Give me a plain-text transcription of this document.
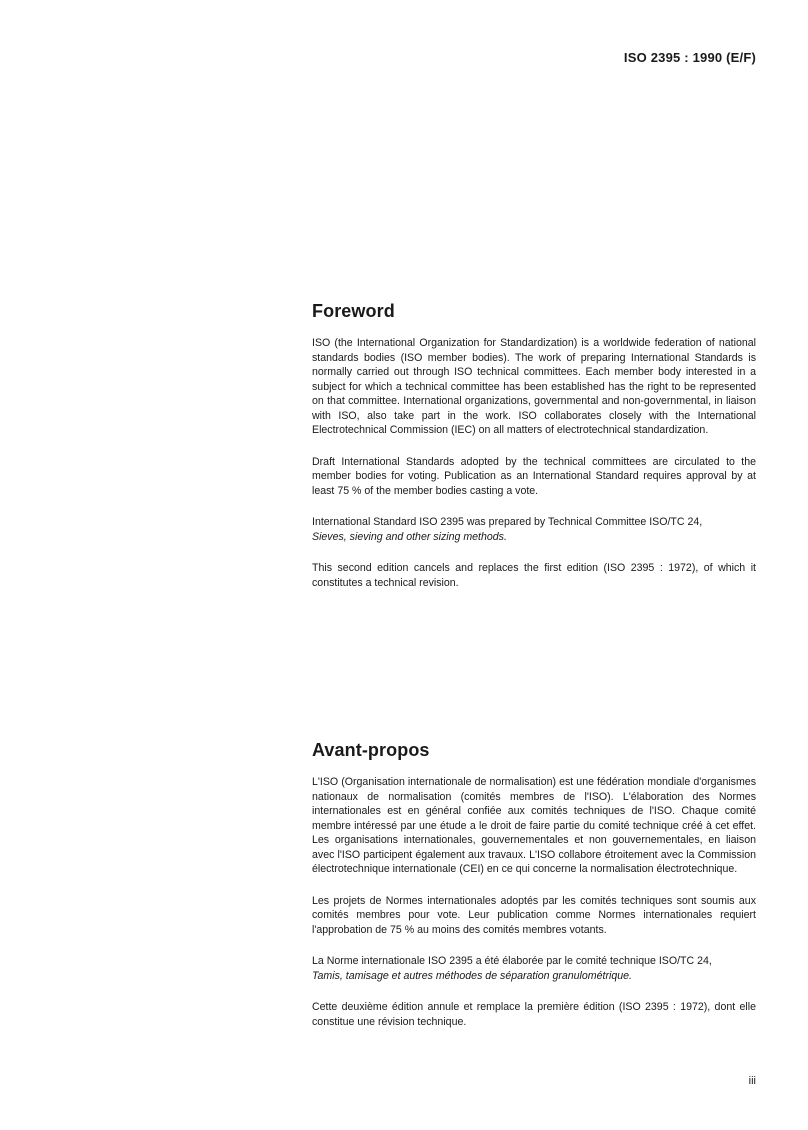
ISO 2395 : 1990 (E/F)
Foreword

ISO (the International Organization for Standardization) is a worldwide federation of national standards bodies (ISO member bodies). The work of preparing International Standards is normally carried out through ISO technical committees. Each member body interested in a subject for which a technical committee has been established has the right to be represented on that committee. International organizations, governmental and non-governmental, in liaison with ISO, also take part in the work. ISO collaborates closely with the International Electrotechnical Commission (IEC) on all matters of electrotechnical standardization.

Draft International Standards adopted by the technical committees are circulated to the member bodies for voting. Publication as an International Standard requires approval by at least 75 % of the member bodies casting a vote.

International Standard ISO 2395 was prepared by Technical Committee ISO/TC 24,
Sieves, sieving and other sizing methods.

This second edition cancels and replaces the first edition (ISO 2395 : 1972), of which it constitutes a technical revision.

Avant-propos

L'ISO (Organisation internationale de normalisation) est une fédération mondiale d'organismes nationaux de normalisation (comités membres de l'ISO). L'élaboration des Normes internationales est en général confiée aux comités techniques de l'ISO. Chaque comité membre intéressé par une étude a le droit de faire partie du comité technique créé à cet effet. Les organisations internationales, gouvernementales et non gouvernementales, en liaison avec l'ISO participent également aux travaux. L'ISO collabore étroitement avec la Commission électrotechnique internationale (CEI) en ce qui concerne la normalisation électrotechnique.

Les projets de Normes internationales adoptés par les comités techniques sont soumis aux comités membres pour vote. Leur publication comme Normes internationales requiert l'approbation de 75 % au moins des comités membres votants.

La Norme internationale ISO 2395 a été élaborée par le comité technique ISO/TC 24,
Tamis, tamisage et autres méthodes de séparation granulométrique.

Cette deuxième édition annule et remplace la première édition (ISO 2395 : 1972), dont elle constitue une révision technique.

iii
